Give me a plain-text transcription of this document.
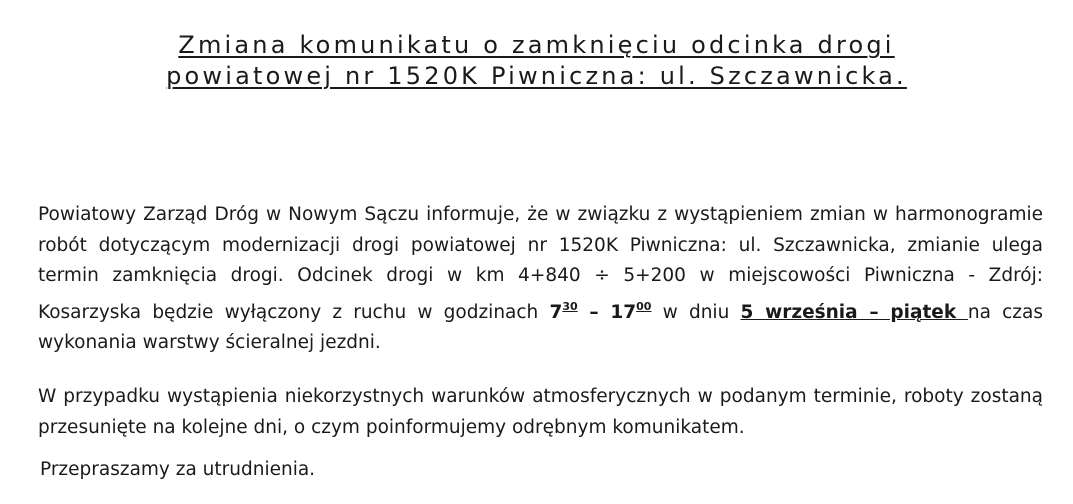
Zmiana komunikatu o zamknięciu odcinka drogi
powiatowej nr 1520K Piwniczna: ul. Szczawnicka.

Powiatowy Zarząd Dróg w Nowym Sączu informuje, że w związku z wystąpieniem zmian w harmonogramie robót dotyczącym modernizacji drogi powiatowej nr 1520K Piwniczna: ul. Szczawnicka, zmianie ulega termin zamknięcia drogi. Odcinek drogi w km 4+840 ÷ 5+200 w miejscowości Piwniczna - Zdrój: Kosarzyska będzie wyłączony z ruchu w godzinach $7^{30} - 17^{00}$ w dniu 5 września – piątek na czas wykonania warstwy ścieralnej jezdni.

W przypadku wystąpienia niekorzystnych warunków atmosferycznych w podanym terminie, roboty zostaną przesunięte na kolejne dni, o czym poinformujemy odrębnym komunikatem.

Przepraszamy za utrudnienia.
